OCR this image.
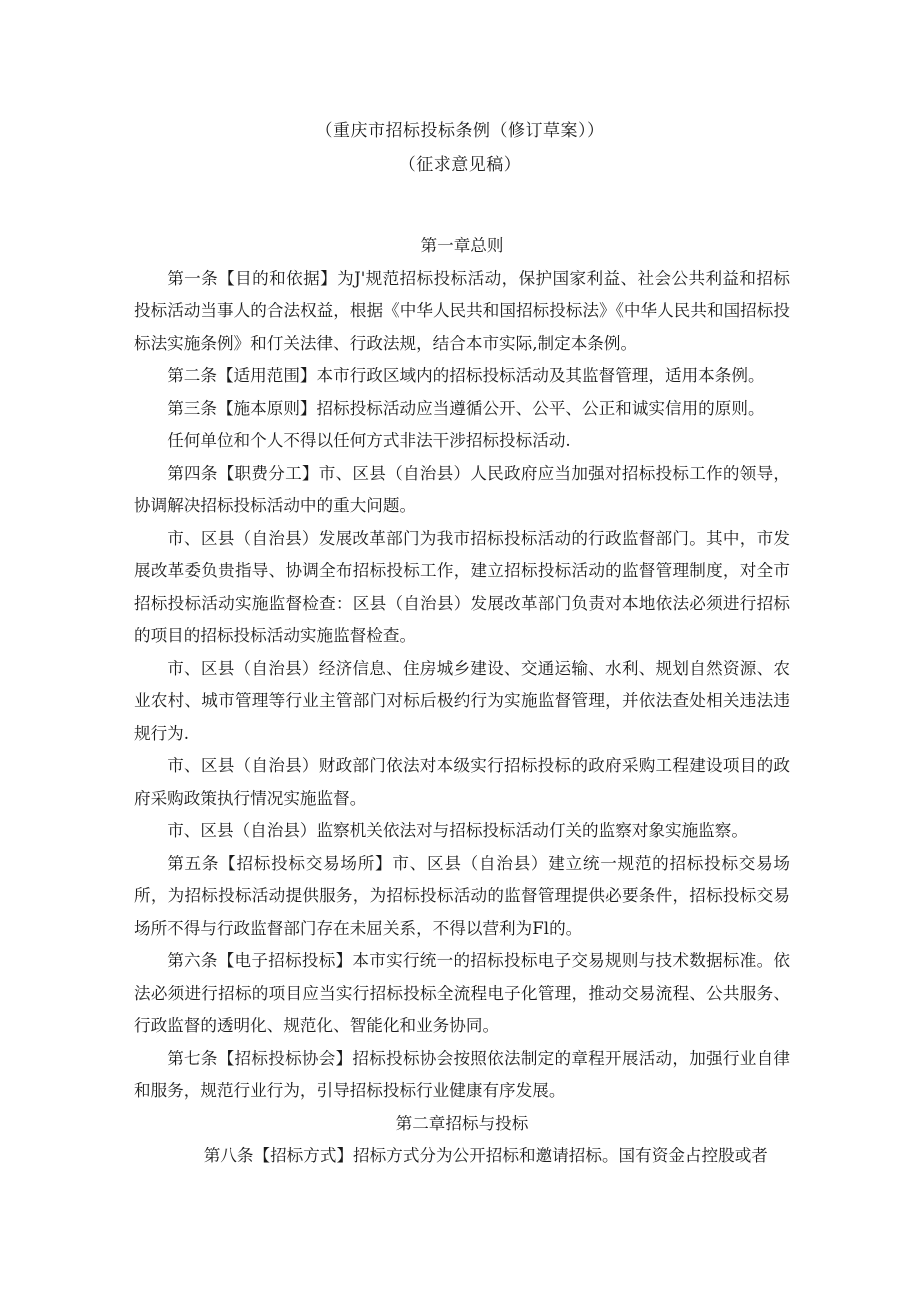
（重庆市招标投标条例（修订草案））
（征求意见稿）

第一章总则

第一条【目的和依据】为J'规范招标投标活动，保护国家利益、社会公共利益和招标投标活动当事人的合法权益，根据《中华人民共和国招标投标法》《中华人民共和国招标投标法实施条例》和仃关法律、行政法规，结合本市实际,制定本条例。

第二条【适用范围】本市行政区域内的招标投标活动及其监督管理，适用本条例。

第三条【施本原则】招标投标活动应当遵循公开、公平、公正和诚实信用的原则。

任何单位和个人不得以任何方式非法干涉招标投标活动.

第四条【职费分工】市、区县（自治县）人民政府应当加强对招标投标工作的领导，协调解决招标投标活动中的重大问题。

市、区县（自治县）发展改革部门为我市招标投标活动的行政监督部门。其中，市发展改革委负贵指导、协调全布招标投标工作，建立招标投标活动的监督管理制度，对全市招标投标活动实施监督检查：区县（自治县）发展改革部门负责对本地依法必须进行招标的项目的招标投标活动实施监督检查。

市、区县（自治县）经济信息、住房城乡建设、交通运输、水利、规划自然资源、农业农村、城市管理等行业主管部门对标后极约行为实施监督管理，并依法查处相关违法违规行为.

市、区县（自治县）财政部门依法对本级实行招标投标的政府采购工程建设项目的政府采购政策执行情况实施监督。

市、区县（自治县）监察机关依法对与招标投标活动仃关的监察对象实施监察。

第五条【招标投标交易场所】市、区县（自治县）建立统一规范的招标投标交易场所，为招标投标活动提供服务，为招标投标活动的监督管理提供必要条件，招标投标交易场所不得与行政监督部门存在未屈关系，不得以营利为Fl的。

第六条【电子招标投标】本市实行统一的招标投标电子交易规则与技术数据标准。依法必须进行招标的项目应当实行招标投标全流程电子化管理，推动交易流程、公共服务、行政监督的透明化、规范化、智能化和业务协同。

第七条【招标投标协会】招标投标协会按照依法制定的章程开展活动，加强行业自律和服务，规范行业行为，引导招标投标行业健康有序发展。

第二章招标与投标

第八条【招标方式】招标方式分为公开招标和邀请招标。国有资金占控股或者
